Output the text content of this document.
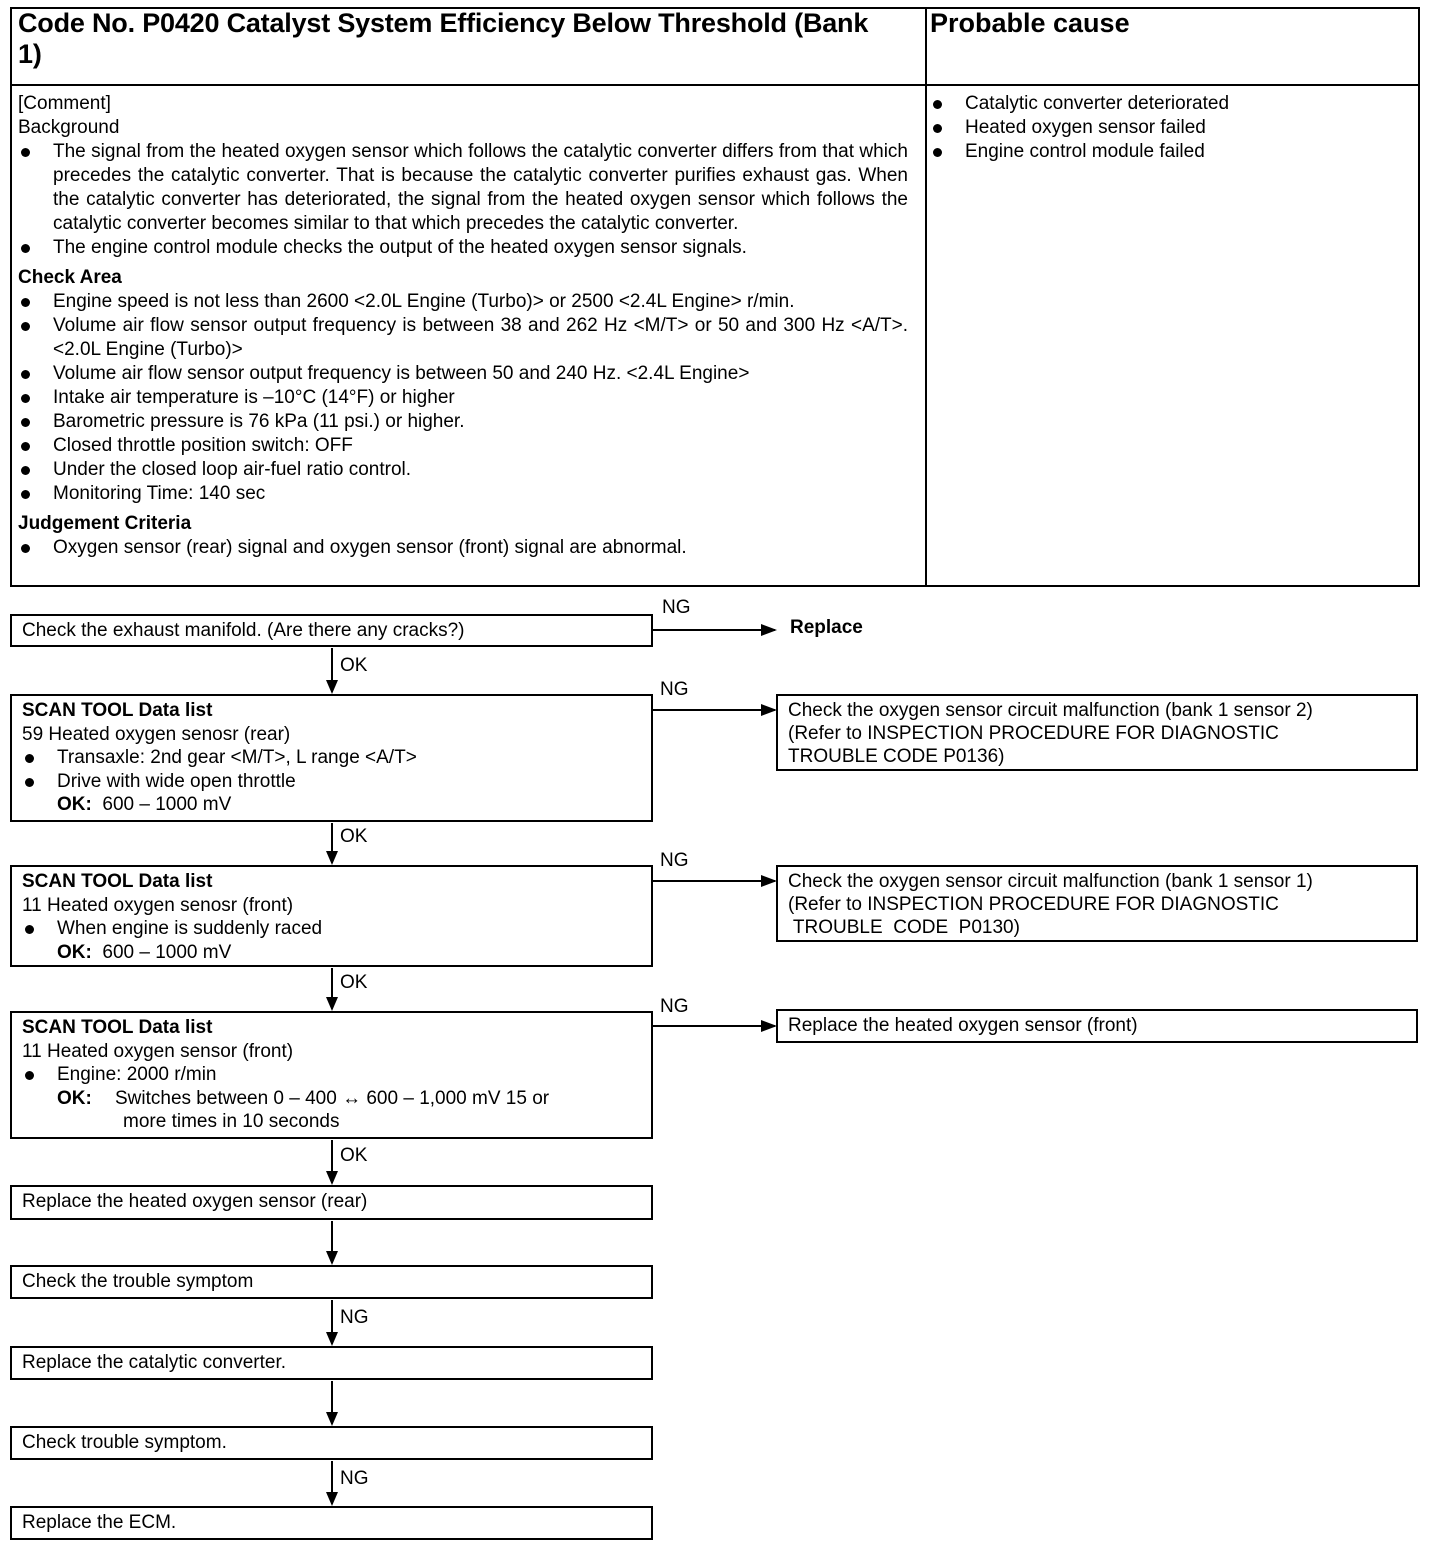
Code No. P0420 Catalyst System Efficiency Below Threshold (Bank 1)
Probable cause
[Comment]
Background
The signal from the heated oxygen sensor which follows the catalytic converter differs from that which precedes the catalytic converter. That is because the catalytic converter purifies exhaust gas. When the catalytic converter has deteriorated, the signal from the heated oxygen sensor which follows the catalytic converter becomes similar to that which precedes the catalytic converter.
The engine control module checks the output of the heated oxygen sensor signals.
Check Area
Engine speed is not less than 2600 <2.0L Engine (Turbo)> or 2500 <2.4L Engine> r/min.
Volume air flow sensor output frequency is between 38 and 262 Hz <M/T> or 50 and 300 Hz <A/T>. <2.0L Engine (Turbo)>
Volume air flow sensor output frequency is between 50 and 240 Hz. <2.4L Engine>
Intake air temperature is –10°C (14°F) or higher
Barometric pressure is 76 kPa (11 psi.) or higher.
Closed throttle position switch: OFF
Under the closed loop air-fuel ratio control.
Monitoring Time: 140 sec
Judgement Criteria
Oxygen sensor (rear) signal and oxygen sensor (front) signal are abnormal.
Catalytic converter deteriorated
Heated oxygen sensor failed
Engine control module failed
Check the exhaust manifold. (Are there any cracks?)
NG
Replace
OK
SCAN TOOL Data list
59 Heated oxygen senosr (rear)
Transaxle: 2nd gear <M/T>, L range <A/T>
Drive with wide open throttle
OK: 600 – 1000 mV
NG
Check the oxygen sensor circuit malfunction (bank 1 sensor 2)
(Refer to INSPECTION PROCEDURE FOR DIAGNOSTIC
TROUBLE CODE P0136)
OK
SCAN TOOL Data list
11 Heated oxygen senosr (front)
When engine is suddenly raced
OK: 600 – 1000 mV
NG
Check the oxygen sensor circuit malfunction (bank 1 sensor 1)
(Refer to INSPECTION PROCEDURE FOR DIAGNOSTIC
TROUBLE  CODE  P0130)
OK
SCAN TOOL Data list
11 Heated oxygen sensor (front)
Engine: 2000 r/min
OK: Switches between 0 – 400 ↔ 600 – 1,000 mV 15 or
more times in 10 seconds
NG
Replace the heated oxygen sensor (front)
OK
Replace the heated oxygen sensor (rear)
Check the trouble symptom
NG
Replace the catalytic converter.
Check trouble symptom.
NG
Replace the ECM.
